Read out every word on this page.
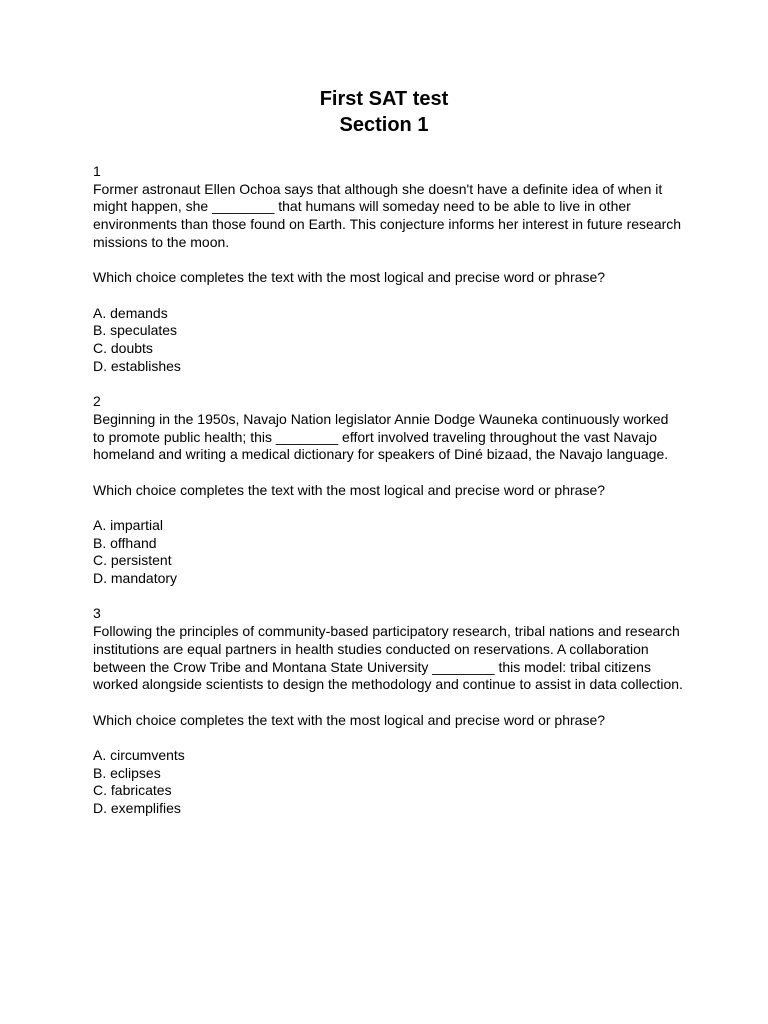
First SAT test

Section 1

1

Former astronaut Ellen Ochoa says that although she doesn't have a definite idea of when it might happen, she ________ that humans will someday need to be able to live in other environments than those found on Earth. This conjecture informs her interest in future research missions to the moon.

Which choice completes the text with the most logical and precise word or phrase?

A. demands
B. speculates
C. doubts
D. establishes

2

Beginning in the 1950s, Navajo Nation legislator Annie Dodge Wauneka continuously worked to promote public health; this ________ effort involved traveling throughout the vast Navajo homeland and writing a medical dictionary for speakers of Diné bizaad, the Navajo language.

Which choice completes the text with the most logical and precise word or phrase?

A. impartial
B. offhand
C. persistent
D. mandatory

3

Following the principles of community-based participatory research, tribal nations and research institutions are equal partners in health studies conducted on reservations. A collaboration between the Crow Tribe and Montana State University ________ this model: tribal citizens worked alongside scientists to design the methodology and continue to assist in data collection.

Which choice completes the text with the most logical and precise word or phrase?

A. circumvents
B. eclipses
C. fabricates
D. exemplifies
